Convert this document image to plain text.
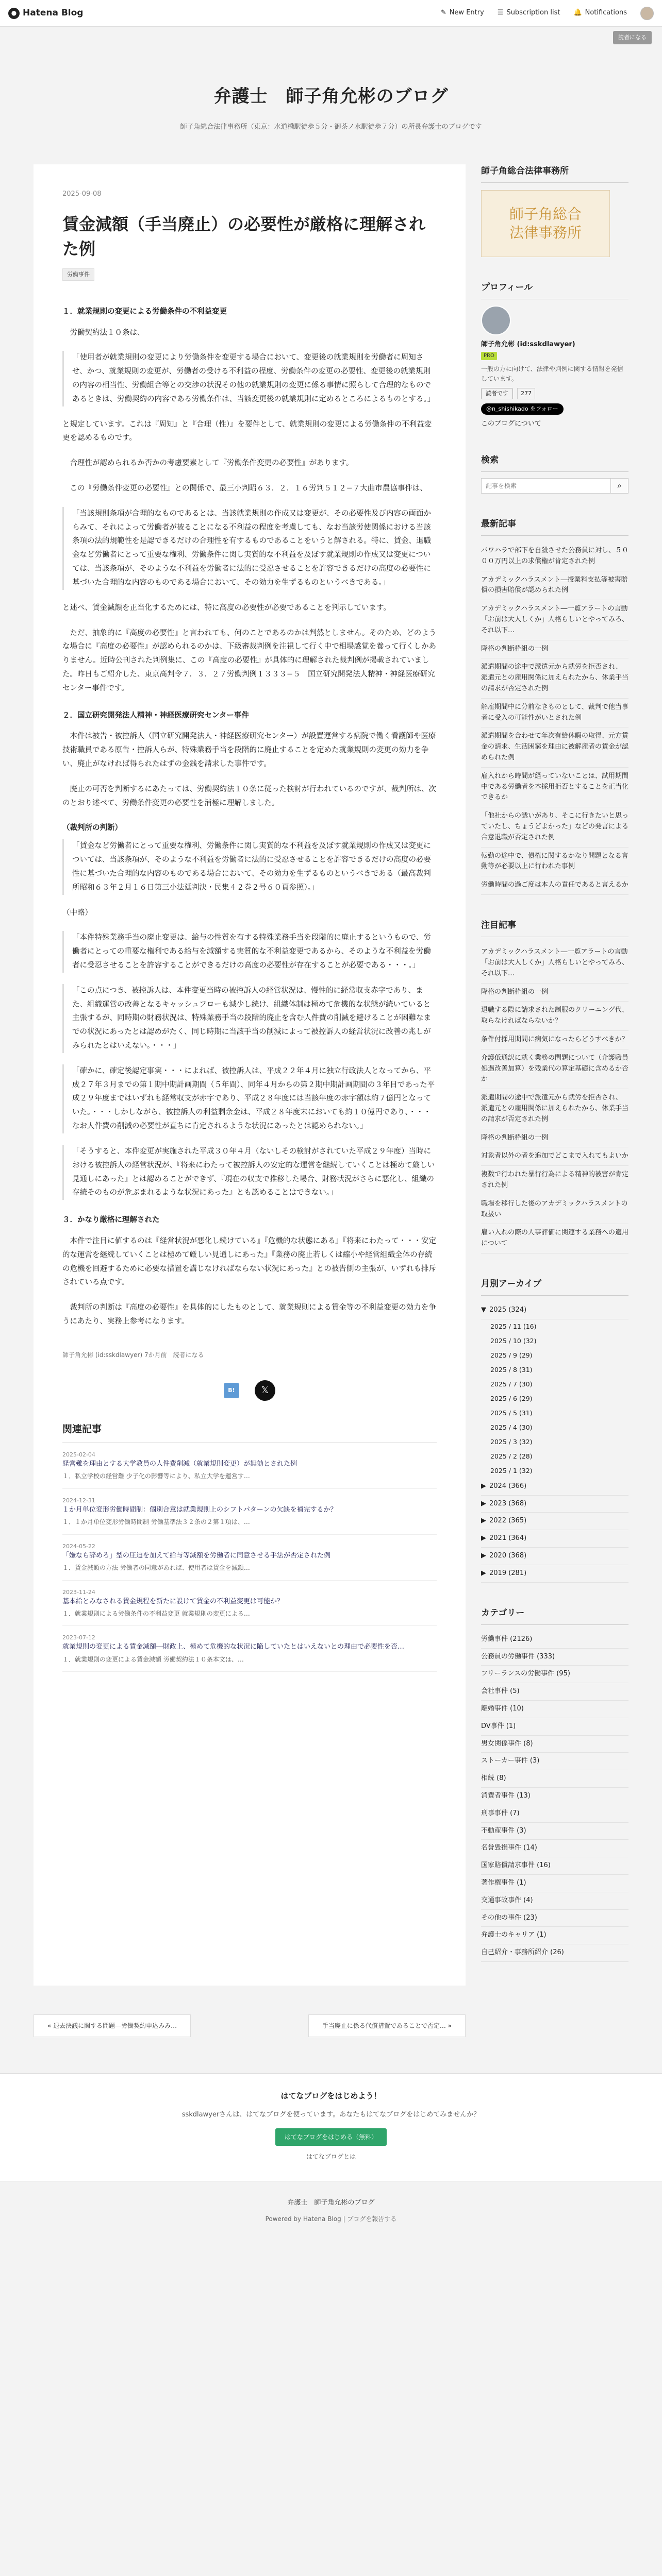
● Hatena Blog	✎ New Entry ☰ Subscription list 🔔 Notifications
読者になる
弁護士　師子角允彬のブログ
師子角総合法律事務所（東京：水道橋駅徒歩５分・御茶ノ水駅徒歩７分）の所長弁護士のブログです
2025-09-08
賃金減額（手当廃止）の必要性が厳格に理解された例
労働事件
１．就業規則の変更による労働条件の不利益変更

　労働契約法１０条は、

「使用者が就業規則の変更により労働条件を変更する場合において、変更後の就業規則を労働者に周知させ、かつ、就業規則の変更が、労働者の受ける不利益の程度、労働条件の変更の必要性、変更後の就業規則の内容の相当性、労働組合等との交渉の状況その他の就業規則の変更に係る事情に照らして合理的なものであるときは、労働契約の内容である労働条件は、当該変更後の就業規則に定めるところによるものとする。」

と規定しています。これは『周知』と『合理（性）』を要件として、就業規則の変更による労働条件の不利益変更を認めるものです。

　合理性が認められるか否かの考慮要素として『労働条件変更の必要性』があります。

　この『労働条件変更の必要性』との関係で、最三小判昭６３．２．１６労判５１２−７大曲市農協事件は、

「当該規則条項が合理的なものであるとは、当該就業規則の作成又は変更が、その必要性及び内容の両面からみて、それによって労働者が被ることになる不利益の程度を考慮しても、なお当該労使関係における当該条項の法的規範性を是認できるだけの合理性を有するものであることをいうと解される。特に、賃金、退職金など労働者にとって重要な権利、労働条件に関し実質的な不利益を及ぼす就業規則の作成又は変更については、当該条項が、そのような不利益を労働者に法的に受忍させることを許容できるだけの高度の必要性に基づいた合理的な内容のものである場合において、その効力を生ずるものというべきである。」

と述べ、賃金減額を正当化するためには、特に高度の必要性が必要であることを判示しています。

　ただ、抽象的に『高度の必要性』と言われても、何のことであるのかは判然としません。そのため、どのような場合に『高度の必要性』が認められるのかは、下級審裁判例を注視して行く中で相場感覚を養って行くしかありません。近時公刊された判例集に、この『高度の必要性』が具体的に理解された裁判例が掲載されていました。昨日もご紹介した、東京高判令７．３．２７労働判例１３３３−５　国立研究開発法人精神・神経医療研究センター事件です。

２．国立研究開発法人精神・神経医療研究センター事件

　本件は被告・被控訴人（国立研究開発法人・神経医療研究センター）が設置運営する病院で働く看護師や医療技術職員である原告・控訴人らが、特殊業務手当を段階的に廃止することを定めた就業規則の変更の効力を争い、廃止がなければ得られたはずの金銭を請求した事件です。

　廃止の可否を判断するにあたっては、労働契約法１０条に従った検討が行われているのですが、裁判所は、次のとおり述べて、労働条件変更の必要性を消極に理解しました。

（裁判所の判断）

「賃金など労働者にとって重要な権利、労働条件に関し実質的な不利益を及ぼす就業規則の作成又は変更については、当該条項が、そのような不利益を労働者に法的に受忍させることを許容できるだけの高度の必要性に基づいた合理的な内容のものである場合において、その効力を生ずるものというべきである（最高裁判所昭和６３年２月１６日第三小法廷判決・民集４２巻２号６０頁参照）。」

（中略）

「本件特殊業務手当の廃止変更は、給与の性質を有する特殊業務手当を段階的に廃止するというもので、労働者にとっての重要な権利である給与を減額する実質的な不利益変更であるから、そのような不利益を労働者に受忍させることを許容することができるだけの高度の必要性が存在することが必要である・・・。」

「この点につき、被控訴人は、本件変更当時の被控訴人の経営状況は、慢性的に経常収支赤字であり、また、組織運営の改善となるキャッシュフローも減少し続け、組織体制は極めて危機的な状態が続いていると主張するが、同時期の財務状況は、特殊業務手当の段階的廃止を含む人件費の削減を避けることが困難なまでの状況にあったとは認めがたく、同じ時期に当該手当の削減によって被控訴人の経営状況に改善の兆しがみられたとはいえない。・・・」

「確かに、確定後認定事実・・・によれば、被控訴人は、平成２２年４月に独立行政法人となってから、平成２７年３月までの第１期中期計画期間（５年間）、同年４月からの第２期中期計画期間の３年目であった平成２９年度まではいずれも経常収支が赤字であり、平成２８年度には当該年度の赤字額は約７億円となっていた。・・・しかしながら、被控訴人の利益剰余金は、平成２８年度末においても約１０億円であり、・・・なお人件費の削減の必要性が直ちに肯定されるような状況にあったとは認められない。」

「そうすると、本件変更が実施された平成３０年４月（ないしその検討がされていた平成２９年度）当時における被控訴人の経営状況が、『将来にわたって被控訴人の安定的な運営を継続していくことは極めて厳しい見通しにあった』とは認めることができず、『現在の収支で推移した場合、財務状況がさらに悪化し、組織の存続そのものが危ぶまれるような状況にあった』とも認めることはできない。」

３．かなり厳格に理解された

　本件で注目に値するのは『経営状況が悪化し続けている』『危機的な状態にある』『将来にわたって・・・安定的な運営を継続していくことは極めて厳しい見通しにあった』『業務の廃止若しくは縮小や経営組織全体の存続の危機を回避するために必要な措置を講じなければならない状況にあった』との被告側の主張が、いずれも排斥されている点です。

　裁判所の判断は『高度の必要性』を具体的にしたものとして、就業規則による賃金等の不利益変更の効力を争うにあたり、実務上参考になります。

師子角允彬 (id:sskdlawyer) 7か月前　読者になる
B!	𝕏
関連記事
2025-02-04
経営難を理由とする大学教員の人件費削減（就業規則変更）が無効とされた例
１．私立学校の経営難 少子化の影響等により、私立大学を運営す…
2024-12-31
１か月単位変形労働時間制：個別合意は就業規則上のシフトパターンの欠缺を補完するか？
１．１か月単位変形労働時間制 労働基準法３２条の２第１項は、…
2024-05-22
「嫌なら辞めろ」型の圧迫を加えて給与等減額を労働者に同意させる手法が否定された例
１．賃金減額の方法 労働者の同意があれば、使用者は賃金を減額…
2023-11-24
基本給とみなされる賃金規程を新たに設けて賃金の不利益変更は可能か？
１．就業規則による労働条件の不利益変更 就業規則の変更による…
2023-07-12
就業規則の変更による賃金減額―財政上、極めて危機的な状況に陥していたとはいえないとの理由で必要性を否…
１．就業規則の変更による賃金減額 労働契約法１０条本文は、…
師子角総合法律事務所
師子角総合
法律事務所
プロフィール
師子角允彬 (id:sskdlawyer)
PRO
一般の方に向けて、法律や判例に関する情報を発信しています。
読者です 277
@n_shishikado をフォロー
このブログについて
検索
記事を検索
⌕
最新記事
パワハラで部下を自殺させた公務員に対し、５０００万円以上の求償権が肯定された例
アカデミックハラスメント―授業料支払等被害賠償の損害賠償が認められた例
アカデミックハラスメント―一覧アラートの言動「お前は大人しくか」人格らしいとやってみろ、それ以下…
降格の判断枠組の一例
派遣期間の途中で派遣元から就労を拒否され、派遣元との雇用関係に加えられたから、休業手当の請求が否定された例
解雇期間中に分前なきものとして、裁判で他当事者に受入の可能性がいとされた例
派遣期間を合わせて年次有給休暇の取得、元方賃金の請求、生活困窮を理由に被解雇者の賃金が認められた例
雇入れから時間が経っていないことは、試用期間中である労働者を本採用拒否とすることを正当化できるか
「他社からの誘いがあり、そこに行きたいと思っていたし、ちょうどよかった」などの発言による合意退職が否定された例
転勤の途中で、債権に関するかなり問題となる言動等が必要以上に行われた事例
労働時間の過ご度は本人の責任であると言えるか
注目記事
アカデミックハラスメント―一覧アラートの言動「お前は大人しくか」人格らしいとやってみろ、それ以下…
降格の判断枠組の一例
退職する際に請求された制服のクリーニング代、取らなければならないか？
条件付採用期間に病気になったらどうすべきか？
介護低通訳に就く業務の問題について（介護職員処遇改善加算）を残業代の算定基礎に含めるか否か
派遣期間の途中で派遣元から就労を拒否され、派遣元との雇用関係に加えられたから、休業手当の請求が否定された例
降格の判断枠組の一例
対象者以外の者を追加でどこまで入れてもよいか
複数で行われた暴行行為による精神的被害が肯定された例
職場を移行した後のアカデミックハラスメントの取扱い
雇い入れの際の人事評価に関連する業務への適用について
月別アーカイブ
▼ 2025 (324)
2025 / 11 (16)
2025 / 10 (32)
2025 / 9 (29)
2025 / 8 (31)
2025 / 7 (30)
2025 / 6 (29)
2025 / 5 (31)
2025 / 4 (30)
2025 / 3 (32)
2025 / 2 (28)
2025 / 1 (32)
▶ 2024 (366)
▶ 2023 (368)
▶ 2022 (365)
▶ 2021 (364)
▶ 2020 (368)
▶ 2019 (281)
カテゴリー
労働事件 (2126)
公務員の労働事件 (333)
フリーランスの労働事件 (95)
会社事件 (5)
離婚事件 (10)
DV事件 (1)
男女関係事件 (8)
ストーカー事件 (3)
相続 (8)
消費者事件 (13)
刑事事件 (7)
不動産事件 (3)
名誉毀損事件 (14)
国家賠償請求事件 (16)
著作権事件 (1)
交通事故事件 (4)
その他の事件 (23)
弁護士のキャリア (1)
自己紹介・事務所紹介 (26)
« 退去決議に関する問題―労働契約申込みみ…	手当廃止に係る代償措置であることで否定… »
はてなブログをはじめよう！
sskdlawyerさんは、はてなブログを使っています。あなたもはてなブログをはじめてみませんか？
はてなブログをはじめる（無料）
はてなブログとは
弁護士　師子角允彬のブログ
Powered by Hatena Blog | ブログを報告する
